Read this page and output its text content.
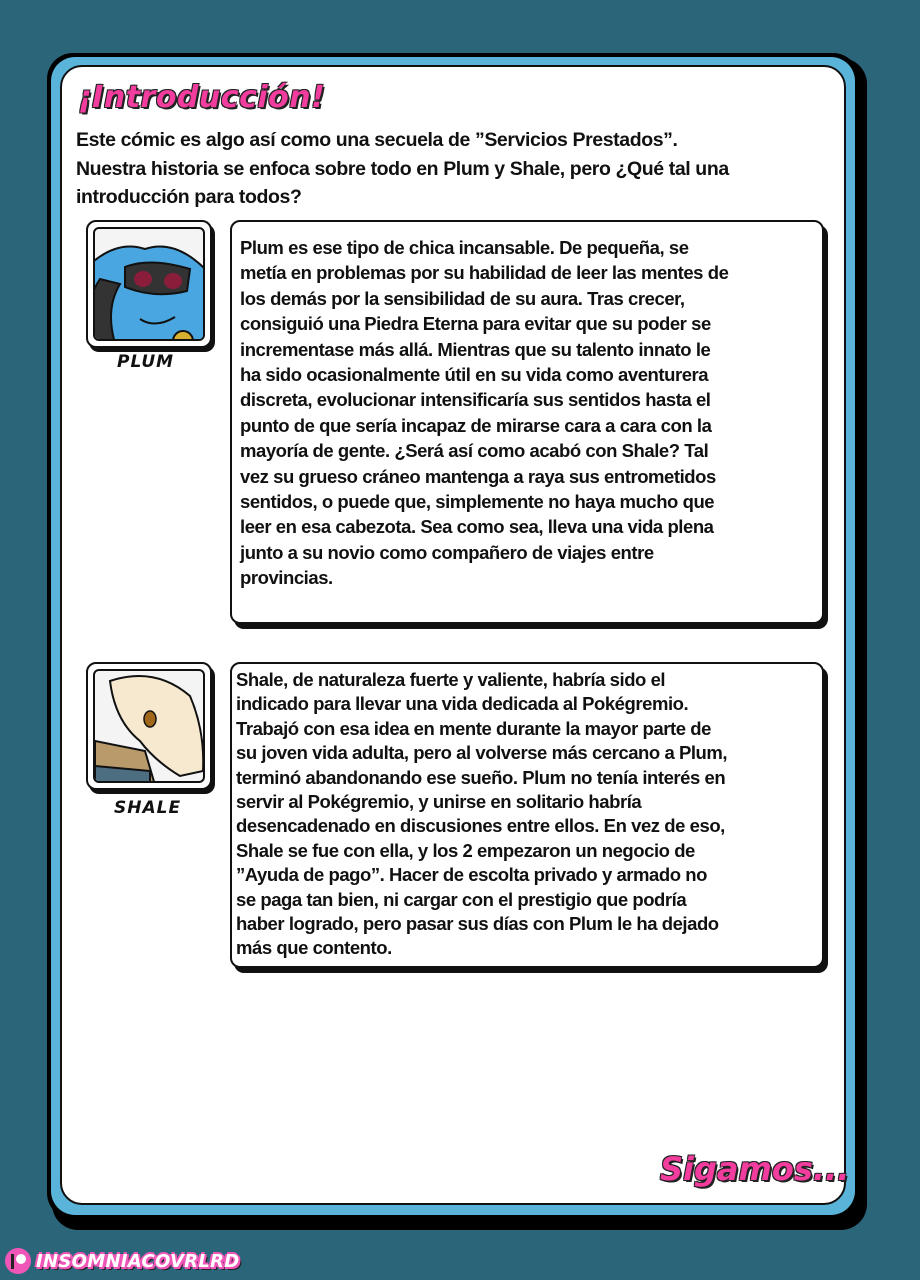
¡Introducción!
Este cómic es algo así como una secuela de ”Servicios Prestados”.
Nuestra historia se enfoca sobre todo en Plum y Shale, pero ¿Qué tal una
introducción para todos?
PLUM
Plum es ese tipo de chica incansable. De pequeña, se
metía en problemas por su habilidad de leer las mentes de
los demás por la sensibilidad de su aura. Tras crecer,
consiguió una Piedra Eterna para evitar que su poder se
incrementase más allá. Mientras que su talento innato le
ha sido ocasionalmente útil en su vida como aventurera
discreta, evolucionar intensificaría sus sentidos hasta el
punto de que sería incapaz de mirarse cara a cara con la
mayoría de gente. ¿Será así como acabó con Shale? Tal
vez su grueso cráneo mantenga a raya sus entrometidos
sentidos, o puede que, simplemente no haya mucho que
leer en esa cabezota. Sea como sea, lleva una vida plena
junto a su novio como compañero de viajes entre
provincias.
SHALE
Shale, de naturaleza fuerte y valiente, habría sido el
indicado para llevar una vida dedicada al Pokégremio.
Trabajó con esa idea en mente durante la mayor parte de
su joven vida adulta, pero al volverse más cercano a Plum,
terminó abandonando ese sueño. Plum no tenía interés en
servir al Pokégremio, y unirse en solitario habría
desencadenado en discusiones entre ellos. En vez de eso,
Shale se fue con ella, y los 2 empezaron un negocio de
”Ayuda de pago”. Hacer de escolta privado y armado no
se paga tan bien, ni cargar con el prestigio que podría
haber logrado, pero pasar sus días con Plum le ha dejado
más que contento.
Sigamos...
INSOMNIACOVRLRD
